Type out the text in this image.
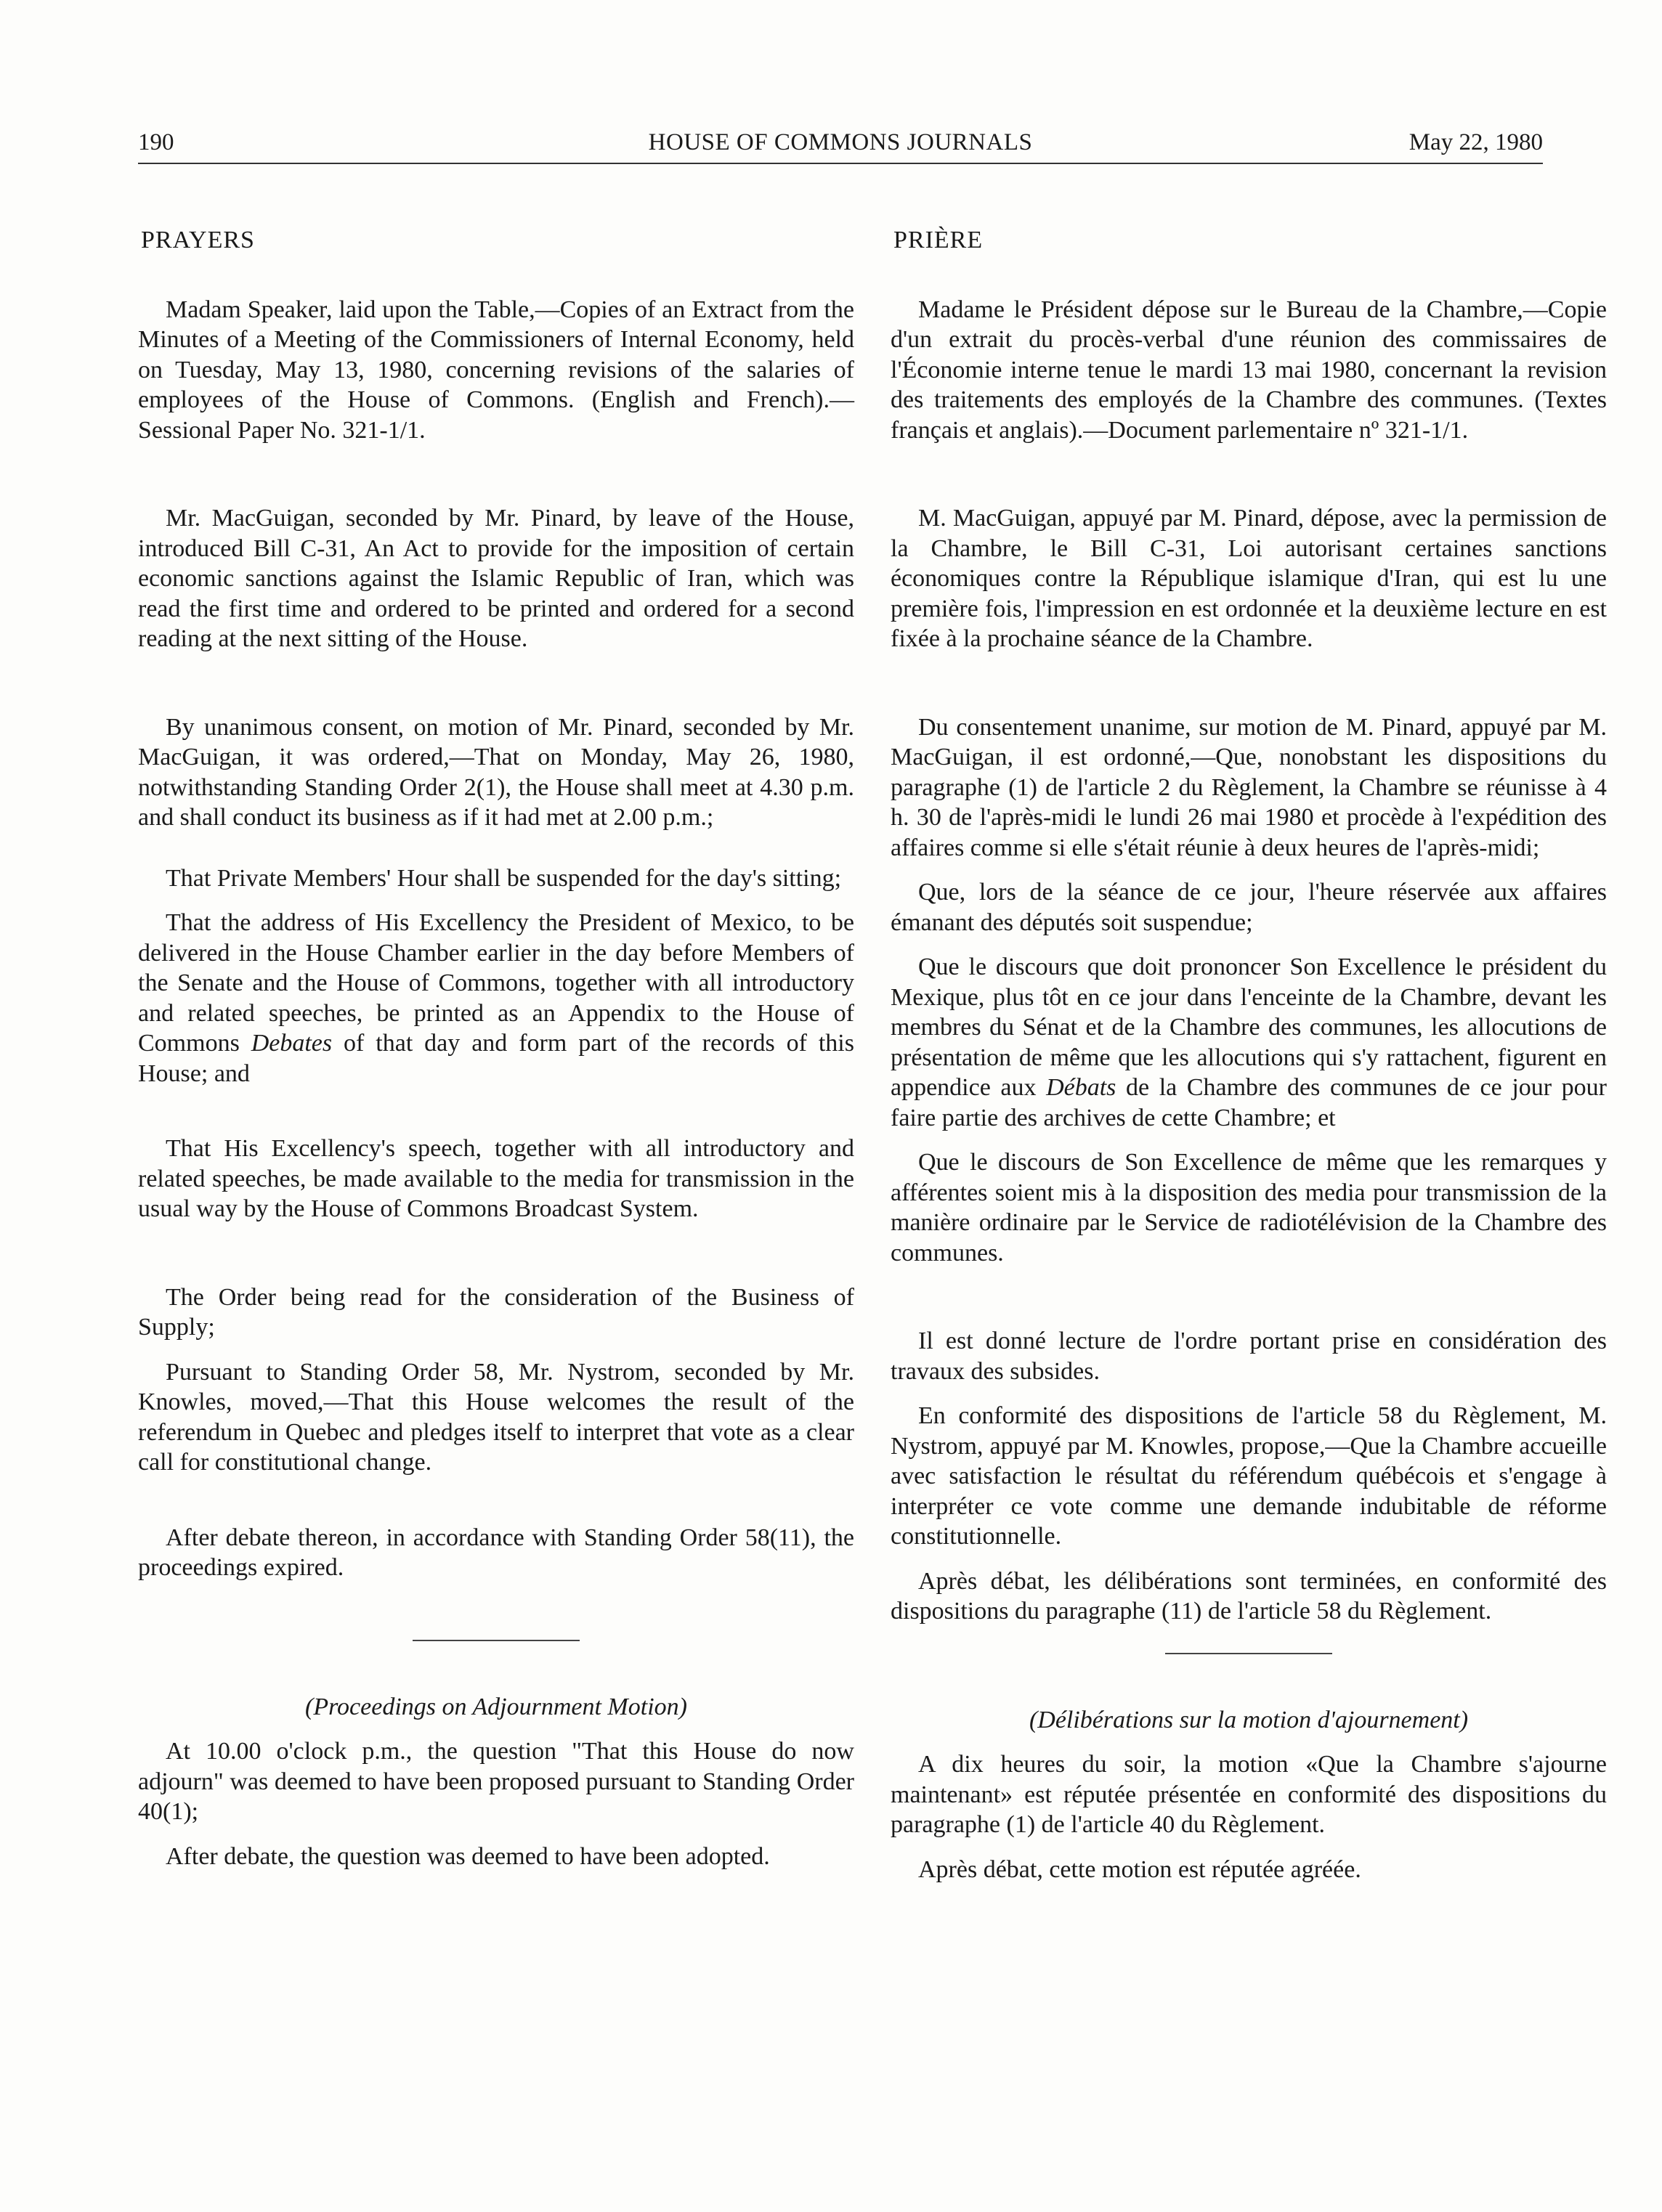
190	HOUSE OF COMMONS JOURNALS	May 22, 1980

PRAYERS

Madam Speaker, laid upon the Table,—Copies of an Extract from the Minutes of a Meeting of the Commissioners of Internal Economy, held on Tuesday, May 13, 1980, concerning revisions of the salaries of employees of the House of Commons. (English and French).—Sessional Paper No. 321-1/1.

Mr. MacGuigan, seconded by Mr. Pinard, by leave of the House, introduced Bill C-31, An Act to provide for the imposition of certain economic sanctions against the Islamic Republic of Iran, which was read the first time and ordered to be printed and ordered for a second reading at the next sitting of the House.

By unanimous consent, on motion of Mr. Pinard, seconded by Mr. MacGuigan, it was ordered,—That on Monday, May 26, 1980, notwithstanding Standing Order 2(1), the House shall meet at 4.30 p.m. and shall conduct its business as if it had met at 2.00 p.m.;

That Private Members' Hour shall be suspended for the day's sitting;

That the address of His Excellency the President of Mexico, to be delivered in the House Chamber earlier in the day before Members of the Senate and the House of Commons, together with all introductory and related speeches, be printed as an Appendix to the House of Commons Debates of that day and form part of the records of this House; and

That His Excellency's speech, together with all introductory and related speeches, be made available to the media for transmission in the usual way by the House of Commons Broadcast System.

The Order being read for the consideration of the Business of Supply;

Pursuant to Standing Order 58, Mr. Nystrom, seconded by Mr. Knowles, moved,—That this House welcomes the result of the referendum in Quebec and pledges itself to interpret that vote as a clear call for constitutional change.

After debate thereon, in accordance with Standing Order 58(11), the proceedings expired.

(Proceedings on Adjournment Motion)

At 10.00 o'clock p.m., the question "That this House do now adjourn" was deemed to have been proposed pursuant to Standing Order 40(1);

After debate, the question was deemed to have been adopted.

PRIÈRE

Madame le Président dépose sur le Bureau de la Chambre,—Copie d'un extrait du procès-verbal d'une réunion des commissaires de l'Économie interne tenue le mardi 13 mai 1980, concernant la revision des traitements des employés de la Chambre des communes. (Textes français et anglais).—Document parlementaire nº 321-1/1.

M. MacGuigan, appuyé par M. Pinard, dépose, avec la permission de la Chambre, le Bill C-31, Loi autorisant certaines sanctions économiques contre la République islamique d'Iran, qui est lu une première fois, l'impression en est ordonnée et la deuxième lecture en est fixée à la prochaine séance de la Chambre.

Du consentement unanime, sur motion de M. Pinard, appuyé par M. MacGuigan, il est ordonné,—Que, nonobstant les dispositions du paragraphe (1) de l'article 2 du Règlement, la Chambre se réunisse à 4 h. 30 de l'après-midi le lundi 26 mai 1980 et procède à l'expédition des affaires comme si elle s'était réunie à deux heures de l'après-midi;

Que, lors de la séance de ce jour, l'heure réservée aux affaires émanant des députés soit suspendue;

Que le discours que doit prononcer Son Excellence le président du Mexique, plus tôt en ce jour dans l'enceinte de la Chambre, devant les membres du Sénat et de la Chambre des communes, les allocutions de présentation de même que les allocutions qui s'y rattachent, figurent en appendice aux Débats de la Chambre des communes de ce jour pour faire partie des archives de cette Chambre; et

Que le discours de Son Excellence de même que les remarques y afférentes soient mis à la disposition des media pour transmission de la manière ordinaire par le Service de radiotélévision de la Chambre des communes.

Il est donné lecture de l'ordre portant prise en considération des travaux des subsides.

En conformité des dispositions de l'article 58 du Règlement, M. Nystrom, appuyé par M. Knowles, propose,—Que la Chambre accueille avec satisfaction le résultat du référendum québécois et s'engage à interpréter ce vote comme une demande indubitable de réforme constitutionnelle.

Après débat, les délibérations sont terminées, en conformité des dispositions du paragraphe (11) de l'article 58 du Règlement.

(Délibérations sur la motion d'ajournement)

A dix heures du soir, la motion «Que la Chambre s'ajourne maintenant» est réputée présentée en conformité des dispositions du paragraphe (1) de l'article 40 du Règlement.

Après débat, cette motion est réputée agréée.
